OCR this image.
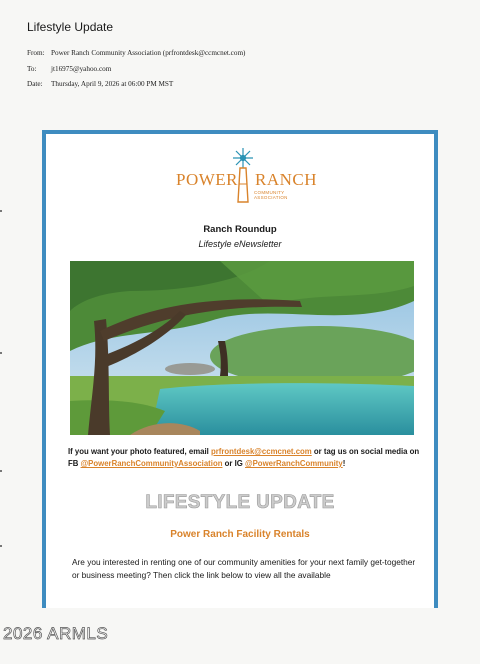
Lifestyle Update
From: Power Ranch Community Association (prfrontdesk@ccmcnet.com)
To: jt16975@yahoo.com
Date: Thursday, April 9, 2026 at 06:00 PM MST
POWER RANCH
COMMUNITY ASSOCIATION
Ranch Roundup
Lifestyle eNewsletter
If you want your photo featured, email prfrontdesk@ccmcnet.com or tag us on social media on FB @PowerRanchCommunityAssociation or IG @PowerRanchCommunity!
LIFESTYLE UPDATE
Power Ranch Facility Rentals
Are you interested in renting one of our community amenities for your next family get-together or business meeting? Then click the link below to view all the available
2026 ARMLS
